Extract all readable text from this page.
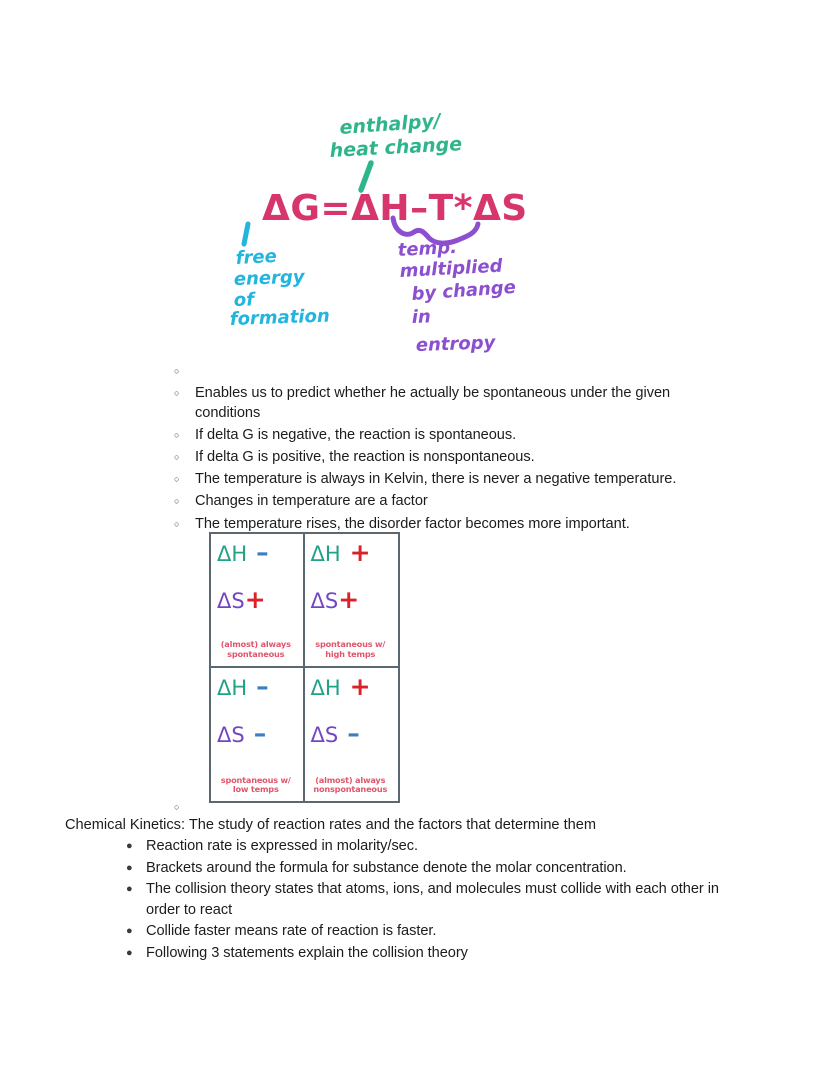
enthalpy/
heat change
ΔG=ΔH–T*ΔS
free
energy
of
formation
temp.
multiplied
by change
in
entropy
○
○	Enables us to predict whether he actually be spontaneous under the given conditions
○	If delta G is negative, the reaction is spontaneous.
○	If delta G is positive, the reaction is nonspontaneous.
○	The temperature is always in Kelvin, there is never a negative temperature.
○	Changes in temperature are a factor
○	The temperature rises, the disorder factor becomes more important.
ΔH –
ΔS+
(almost) always
spontaneous
ΔH +
ΔS+
spontaneous w/
high temps
ΔH –
ΔS –
spontaneous w/
low temps
ΔH +
ΔS –
(almost) always
nonspontaneous
○
Chemical Kinetics: The study of reaction rates and the factors that determine them
● Reaction rate is expressed in molarity/sec.
● Brackets around the formula for substance denote the molar concentration.
● The collision theory states that atoms, ions, and molecules must collide with each other in order to react
● Collide faster means rate of reaction is faster.
● Following 3 statements explain the collision theory
